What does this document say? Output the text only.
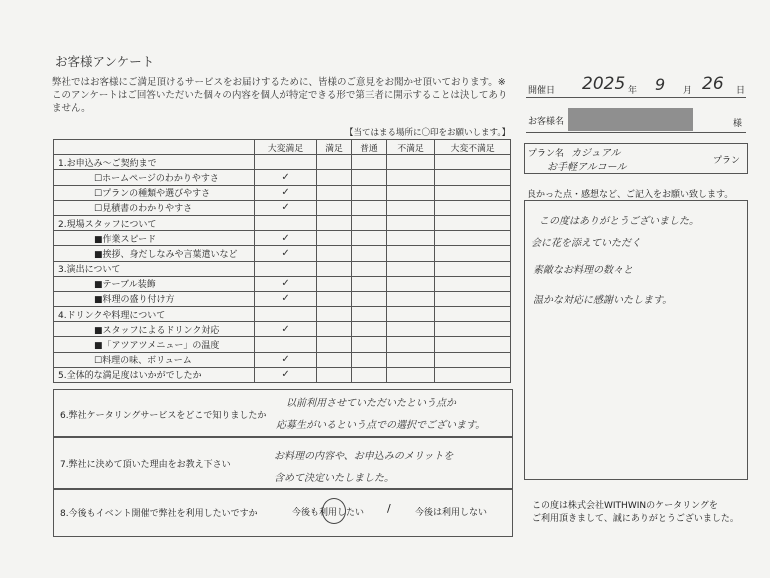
お客様アンケート
弊社ではお客様にご満足頂けるサービスをお届けするために、皆様のご意見をお聞かせ頂いております。※このアンケートはご回答いただいた個々の内容を個人が特定できる形で第三者に開示することは決してありません。
開催日 2025 年 9 月 26 日
お客様名	様
プラン名 カジュアル
お手軽アルコール
プラン
【当てはまる場所に〇印をお願いします。】
	大変満足	満足	普通	不満足	大変不満足
1.お申込み～ご契約まで					
☐ホームページのわかりやすさ	✓				
☐プランの種類や選びやすさ	✓				
☐見積書のわかりやすさ	✓				
2.現場スタッフについて					
■作業スピード	✓				
■挨拶、身だしなみや言葉遣いなど	✓				
3.演出について					
■テーブル装飾	✓				
■料理の盛り付け方	✓				
4.ドリンクや料理について					
■スタッフによるドリンク対応	✓				
■「アツアツメニュー」の温度					
☐料理の味、ボリューム	✓				
5.全体的な満足度はいかがでしたか	✓				
良かった点・感想など、ご記入をお願い致します。
この度はありがとうございました。
会に花を添えていただく
素敵なお料理の数々と
温かな対応に感謝いたします。
6.弊社ケータリングサービスをどこで知りましたか
以前利用させていただいたという点か
応募生がいるという点での選択でございます。
7.弊社に決めて頂いた理由をお教え下さい
お料理の内容や、お申込みのメリットを
含めて決定いたしました。
8.今後もイベント開催で弊社を利用したいですか	今後も利用したい /	今後は利用しない
この度は株式会社WITHWINのケータリングを
ご利用頂きまして、誠にありがとうございました。
